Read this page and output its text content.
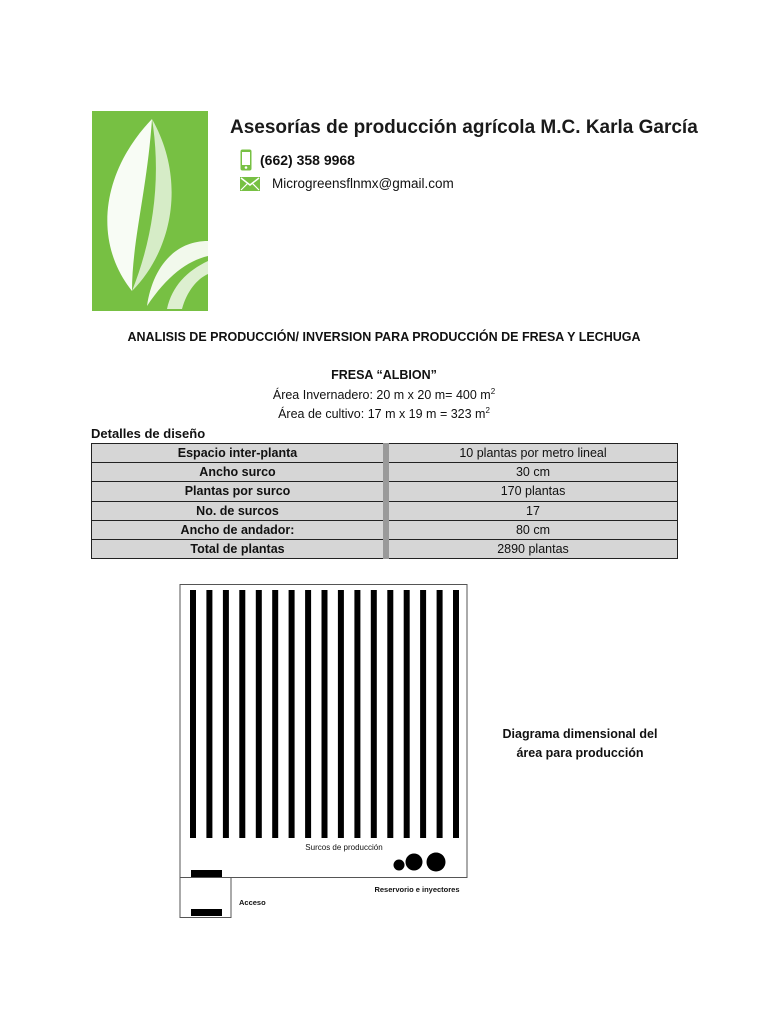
Asesorías de producción agrícola M.C. Karla García
(662) 358 9968
Microgreensflnmx@gmail.com
ANALISIS DE PRODUCCIÓN/ INVERSION PARA PRODUCCIÓN DE FRESA Y LECHUGA
FRESA “ALBION”
Área Invernadero: 20 m x 20 m= 400 $m^2$
Área de cultivo: 17 m x 19 m = 323 $m^2$
Detalles de diseño
Espacio inter-planta	10 plantas por metro lineal
Ancho surco	30 cm
Plantas por surco	170 plantas
No. de surcos	17
Ancho de andador:	80 cm
Total de plantas	2890 plantas
Surcos de producción
Reservorio e inyectores
Acceso
Diagrama dimensional del área para producción
